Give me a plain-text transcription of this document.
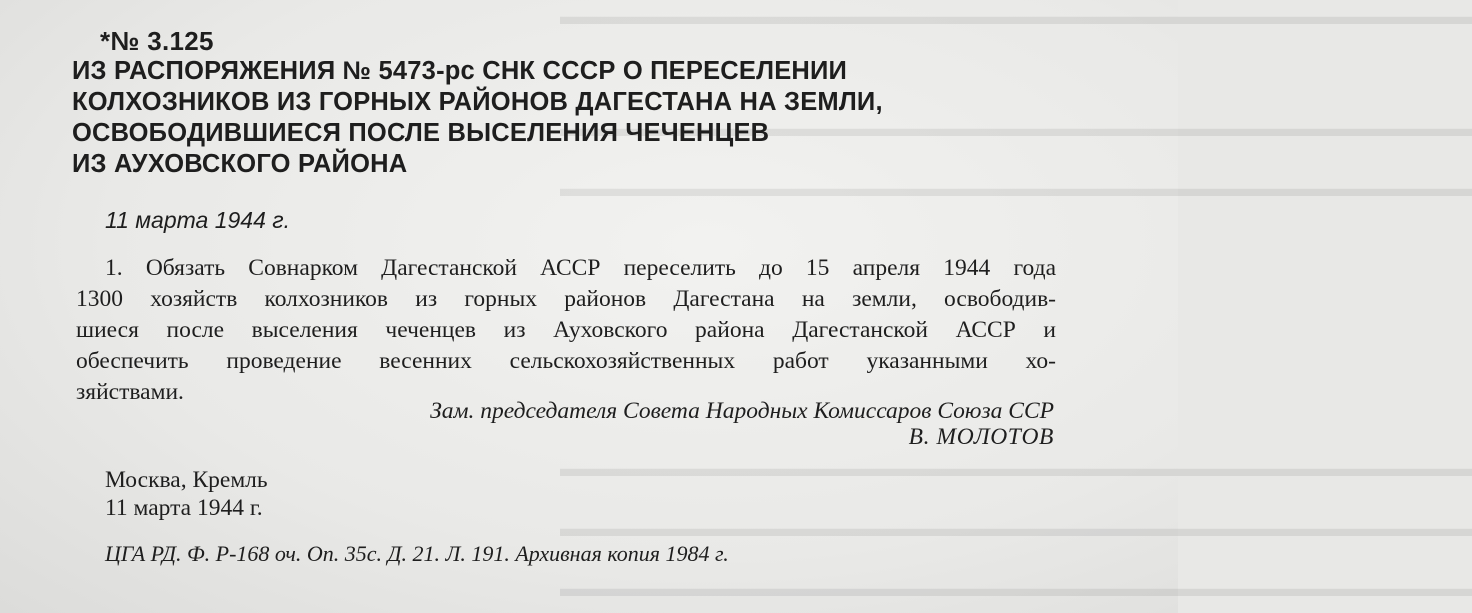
▬▬▬▬▬▬▬▬▬▬▬▬▬▬▬▬▬▬▬▬▬▬▬▬▬▬▬▬▬▬▬▬▬▬▬▬▬▬
▬▬▬▬▬▬▬▬▬▬▬▬▬▬▬▬▬▬▬▬▬▬▬▬▬▬▬▬▬▬▬▬▬▬▬▬▬▬
▬▬▬▬▬▬▬▬▬▬▬▬▬▬▬▬▬▬▬▬▬▬▬▬▬▬▬▬▬▬▬▬▬▬▬▬▬▬
▬▬▬▬▬▬▬▬▬▬▬▬▬▬▬▬▬▬▬▬▬▬▬▬▬▬▬▬▬▬▬▬▬▬▬▬▬▬
▬▬▬▬▬▬▬▬▬▬▬▬▬▬▬▬▬▬▬▬▬▬▬▬▬▬▬▬▬▬▬▬▬▬▬▬▬▬
▬▬▬▬▬▬▬▬▬▬▬▬▬▬▬▬▬▬▬▬▬▬▬▬▬▬▬▬▬▬▬▬▬▬▬▬▬▬
*№ 3.125
ИЗ РАСПОРЯЖЕНИЯ № 5473-рс СНК СССР О ПЕРЕСЕЛЕНИИ
КОЛХОЗНИКОВ ИЗ ГОРНЫХ РАЙОНОВ ДАГЕСТАНА НА ЗЕМЛИ,
ОСВОБОДИВШИЕСЯ ПОСЛЕ ВЫСЕЛЕНИЯ ЧЕЧЕНЦЕВ
ИЗ АУХОВСКОГО РАЙОНА
11 марта 1944 г.
1. Обязать Совнарком Дагестанской АССР переселить до 15 апреля 1944 года
1300 хозяйств колхозников из горных районов Дагестана на земли, освободив-
шиеся после выселения чеченцев из Ауховского района Дагестанской АССР и
обеспечить проведение весенних сельскохозяйственных работ указанными хо-
зяйствами.
Зам. председателя Совета Народных Комиссаров Союза ССР
В. МОЛОТОВ
Москва, Кремль
11 марта 1944 г.
ЦГА РД. Ф. Р-168 оч. Оп. 35с. Д. 21. Л. 191. Архивная копия 1984 г.
